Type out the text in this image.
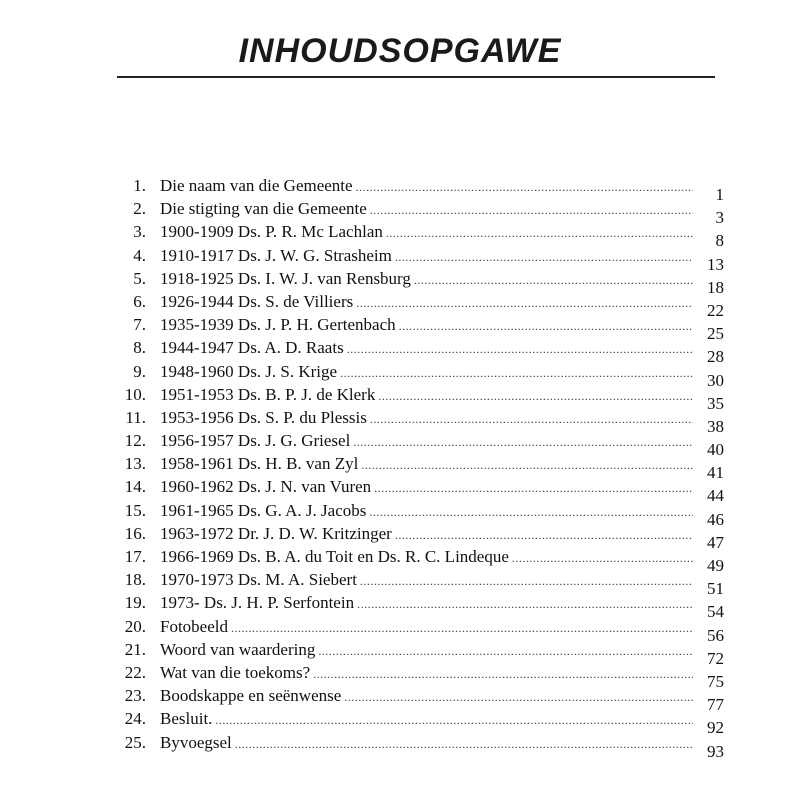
INHOUDSOPGAWE
1. Die naam van die Gemeente .....	1
2. Die stigting van die Gemeente .....	3
3. 1900-1909 Ds. P. R. Mc Lachlan .....	8
4. 1910-1917 Ds. J. W. G. Strasheim .....	13
5. 1918-1925 Ds. I. W. J. van Rensburg .....	18
6. 1926-1944 Ds. S. de Villiers .....	22
7. 1935-1939 Ds. J. P. H. Gertenbach .....	25
8. 1944-1947 Ds. A. D. Raats .....	28
9. 1948-1960 Ds. J. S. Krige .....	30
10. 1951-1953 Ds. B. P. J. de Klerk .....	35
11. 1953-1956 Ds. S. P. du Plessis .....	38
12. 1956-1957 Ds. J. G. Griesel .....	40
13. 1958-1961 Ds. H. B. van Zyl .....	41
14. 1960-1962 Ds. J. N. van Vuren .....	44
15. 1961-1965 Ds. G. A. J. Jacobs .....	46
16. 1963-1972 Dr. J. D. W. Kritzinger .....	47
17. 1966-1969 Ds. B. A. du Toit en Ds. R. C. Lindeque .....	49
18. 1970-1973 Ds. M. A. Siebert .....	51
19. 1973- Ds. J. H. P. Serfontein .....	54
20. Fotobeeld .....	56
21. Woord van waardering .....	72
22. Wat van die toekoms? .....	75
23. Boodskappe en seënwense .....	77
24. Besluit. .....	92
25. Byvoegsel .....	93
